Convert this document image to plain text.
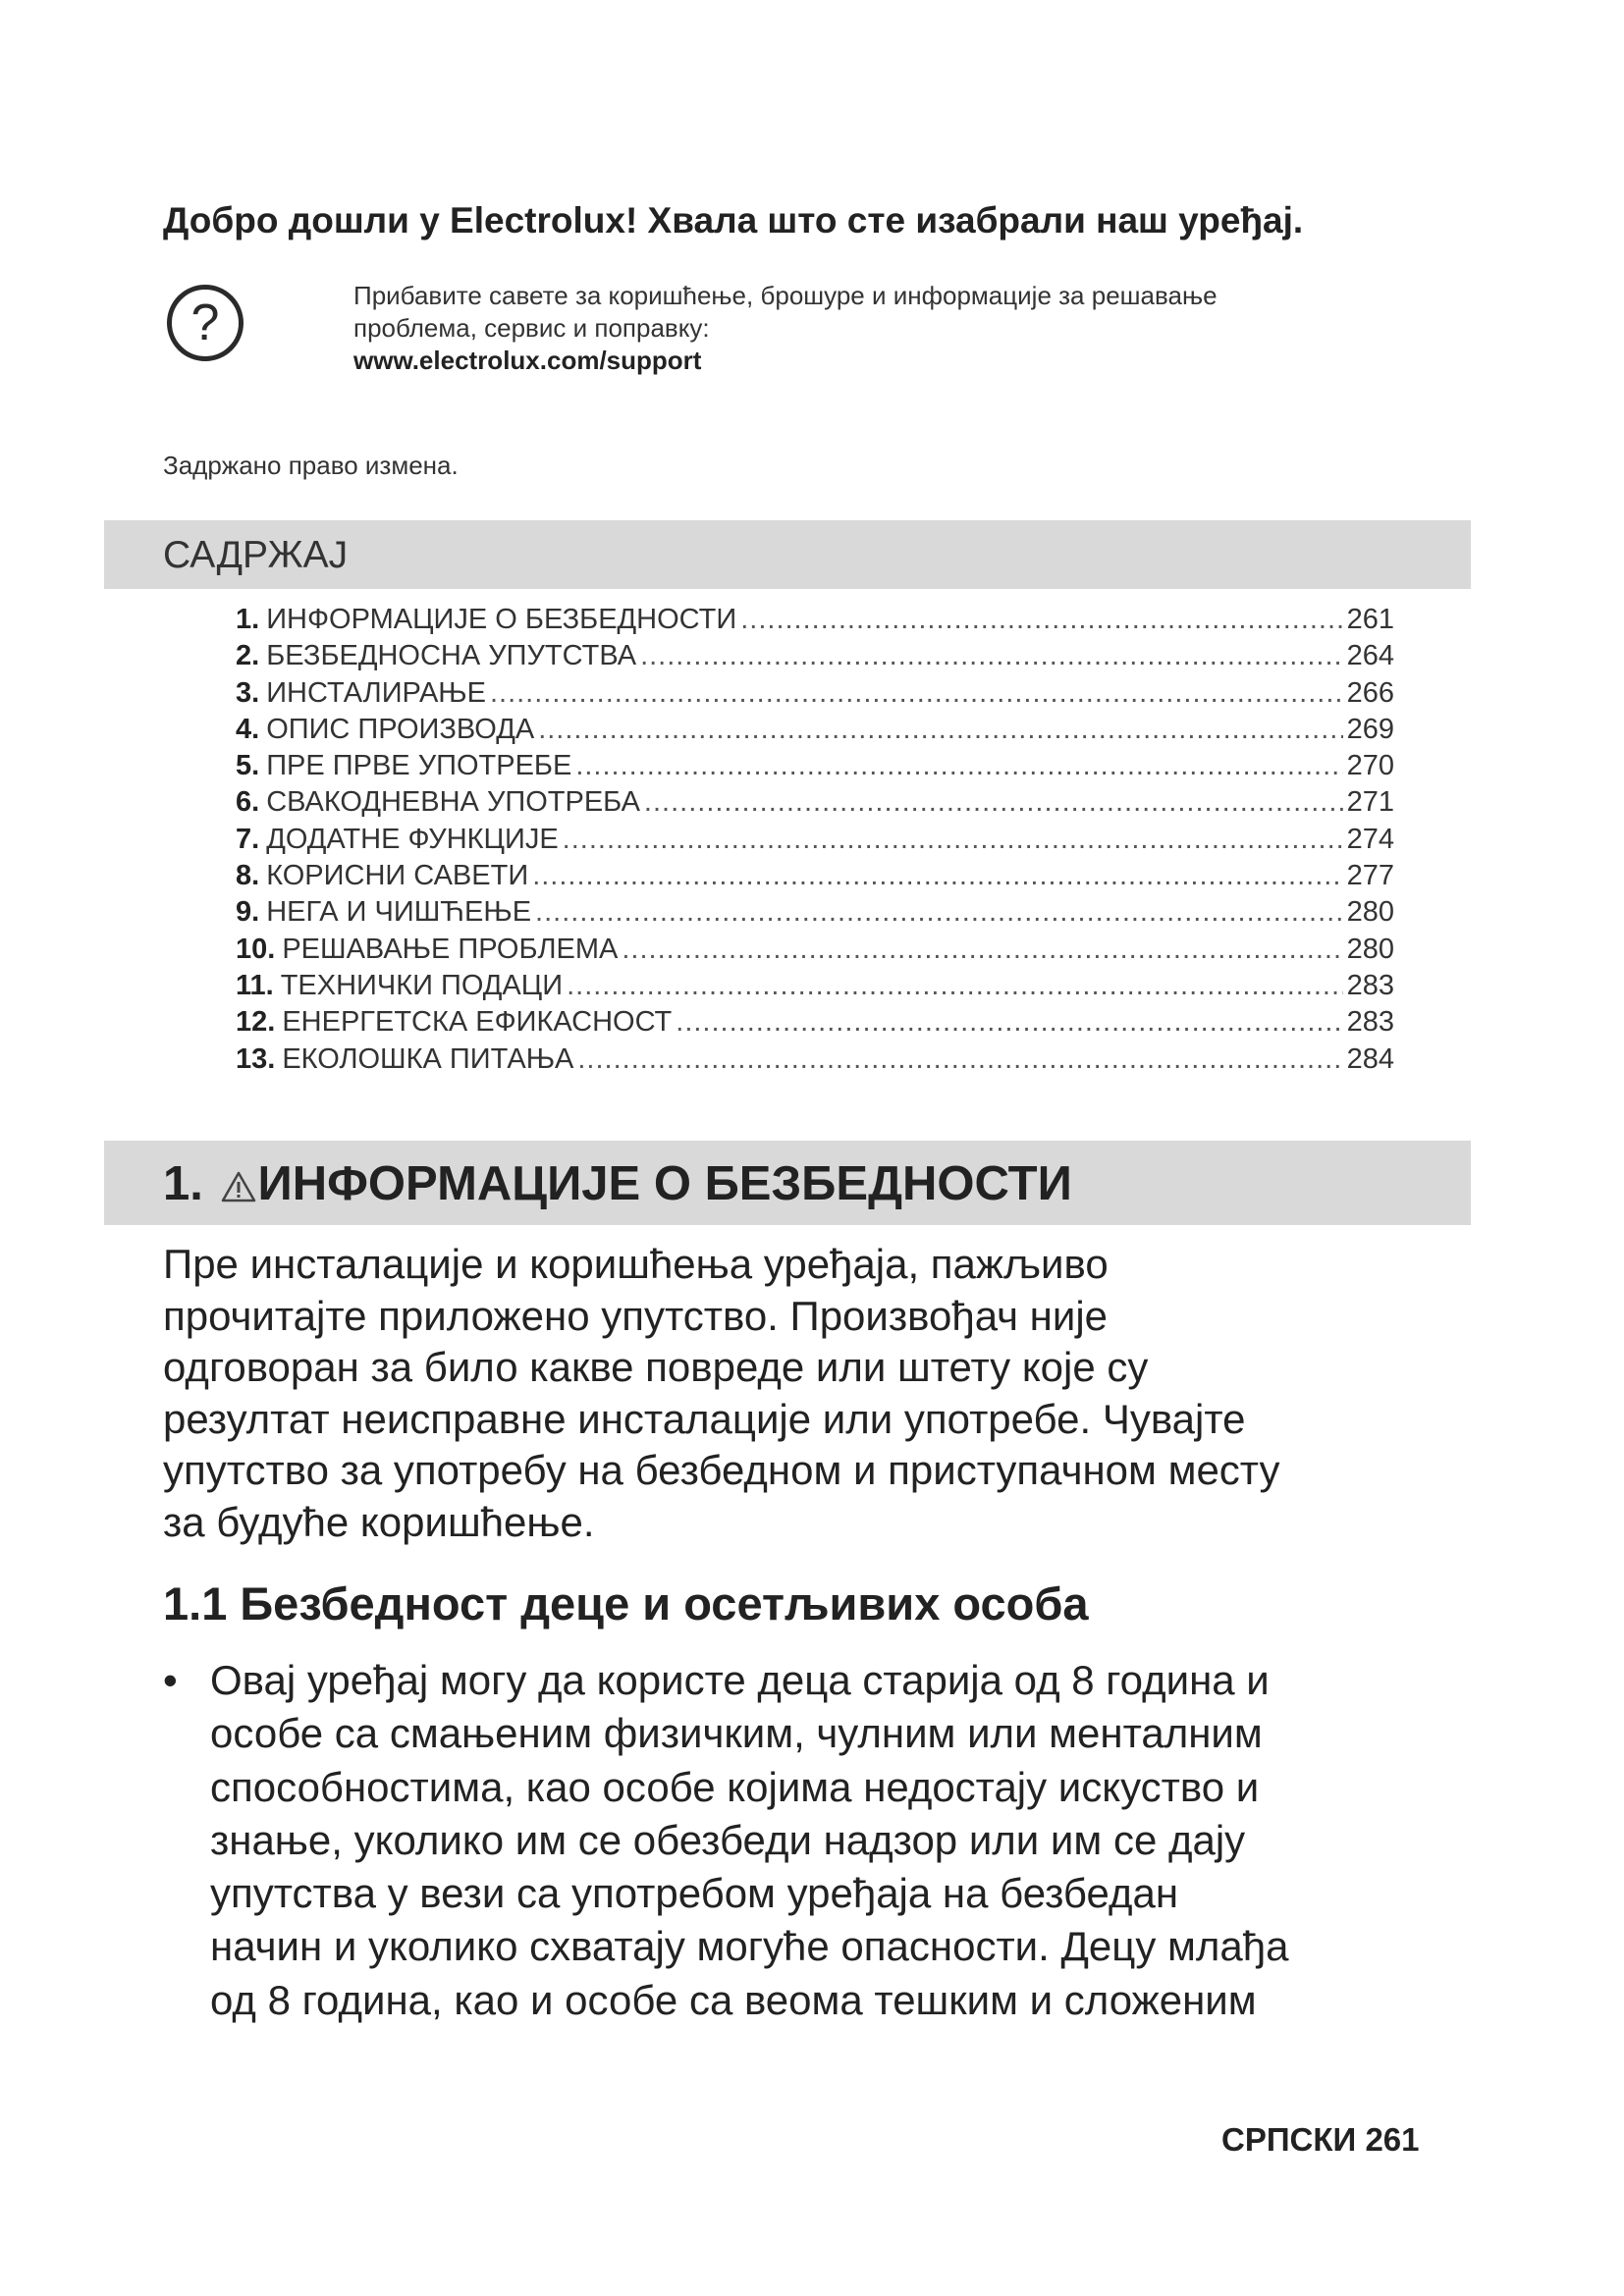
Добро дошли у Electrolux! Хвала што сте изабрали наш уређај.
?	Прибавите савете за коришћење, брошуре и информације за решавање
проблема, сервис и поправку:
www.electrolux.com/support
Задржано право измена.
САДРЖАЈ
1. ИНФОРМАЦИЈЕ О БЕЗБЕДНОСТИ .....	261
2. БЕЗБЕДНОСНА УПУТСТВА .....	264
3. ИНСТАЛИРАЊЕ .....	266
4. ОПИС ПРОИЗВОДА .....	269
5. ПРЕ ПРВЕ УПОТРЕБЕ .....	270
6. СВАКОДНЕВНА УПОТРЕБА .....	271
7. ДОДАТНЕ ФУНКЦИЈЕ .....	274
8. КОРИСНИ САВЕТИ .....	277
9. НЕГА И ЧИШЋЕЊЕ .....	280
10. РЕШАВАЊЕ ПРОБЛЕМА .....	280
11. ТЕХНИЧКИ ПОДАЦИ .....	283
12. ЕНЕРГЕТСКА ЕФИКАСНОСТ .....	283
13. ЕКОЛОШКА ПИТАЊА .....	284
1. ИНФОРМАЦИЈЕ О БЕЗБЕДНОСТИ
Пре инсталације и коришћења уређаја, пажљиво
прочитајте приложено упутство. Произвођач није
одговоран за било какве повреде или штету које су
резултат неисправне инсталације или употребе. Чувајте
упутство за употребу на безбедном и приступачном месту
за будуће коришћење.
1.1 Безбедност деце и осетљивих особа
• Овај уређај могу да користе деца старија од 8 година и
особе са смањеним физичким, чулним или менталним
способностима, као особе којима недостају искуство и
знање, уколико им се обезбеди надзор или им се дају
упутства у вези са употребом уређаја на безбедан
начин и уколико схватају могуће опасности. Децу млађа
од 8 година, као и особе са веома тешким и сложеним
СРПСКИ 261
